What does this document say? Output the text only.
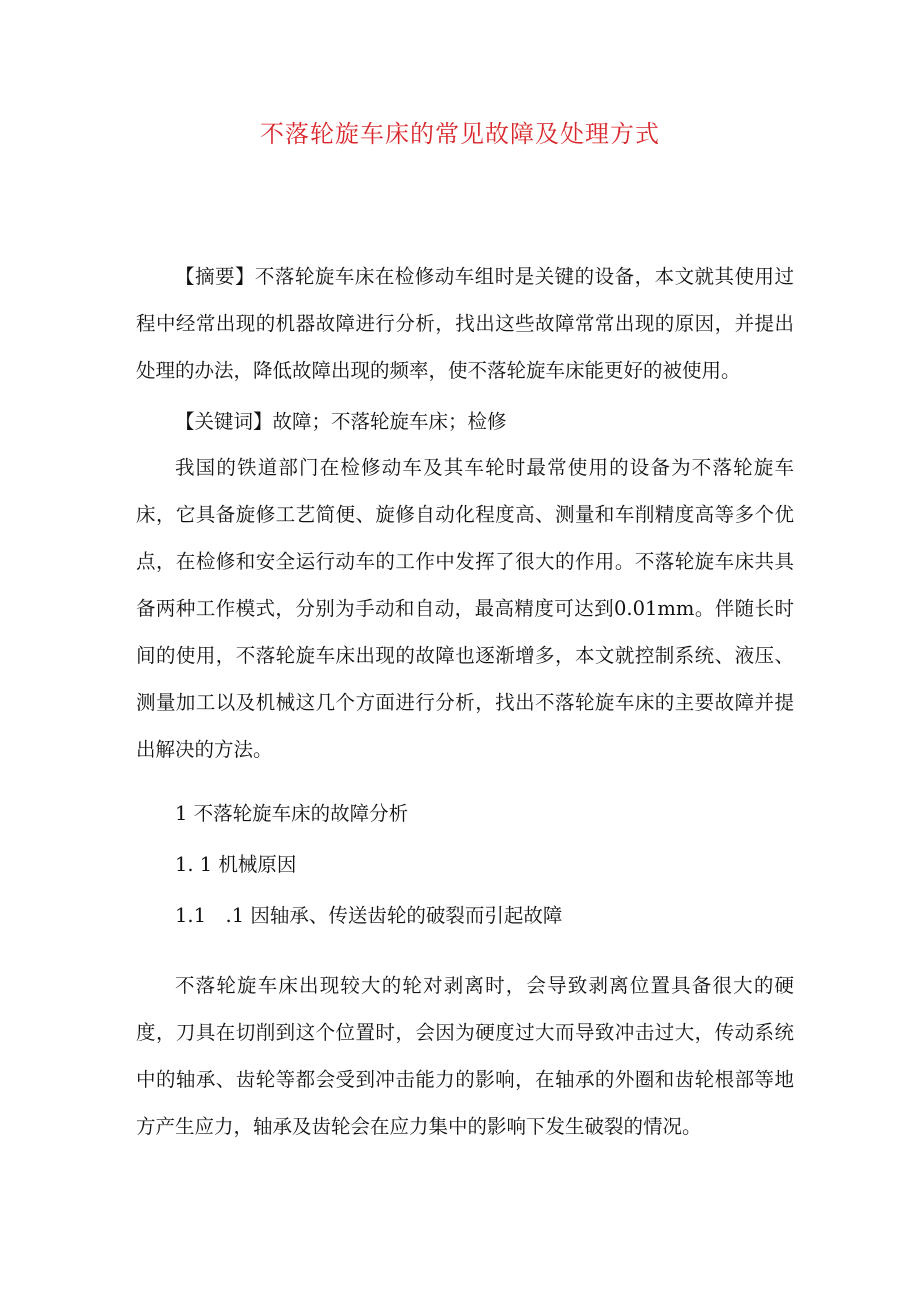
不落轮旋车床的常见故障及处理方式

【摘要】不落轮旋车床在检修动车组时是关键的设备，本文就其使用过程中经常出现的机器故障进行分析，找出这些故障常常出现的原因，并提出处理的办法，降低故障出现的频率，使不落轮旋车床能更好的被使用。

【关键词】故障；不落轮旋车床；检修

我国的铁道部门在检修动车及其车轮时最常使用的设备为不落轮旋车床，它具备旋修工艺简便、旋修自动化程度高、测量和车削精度高等多个优点，在检修和安全运行动车的工作中发挥了很大的作用。不落轮旋车床共具备两种工作模式，分别为手动和自动，最高精度可达到0.01mm。伴随长时间的使用，不落轮旋车床出现的故障也逐渐增多，本文就控制系统、液压、测量加工以及机械这几个方面进行分析，找出不落轮旋车床的主要故障并提出解决的方法。

1 不落轮旋车床的故障分析

1. 1 机械原因

1.1　.1 因轴承、传送齿轮的破裂而引起故障

不落轮旋车床出现较大的轮对剥离时，会导致剥离位置具备很大的硬度，刀具在切削到这个位置时，会因为硬度过大而导致冲击过大，传动系统中的轴承、齿轮等都会受到冲击能力的影响，在轴承的外圈和齿轮根部等地方产生应力，轴承及齿轮会在应力集中的影响下发生破裂的情况。
